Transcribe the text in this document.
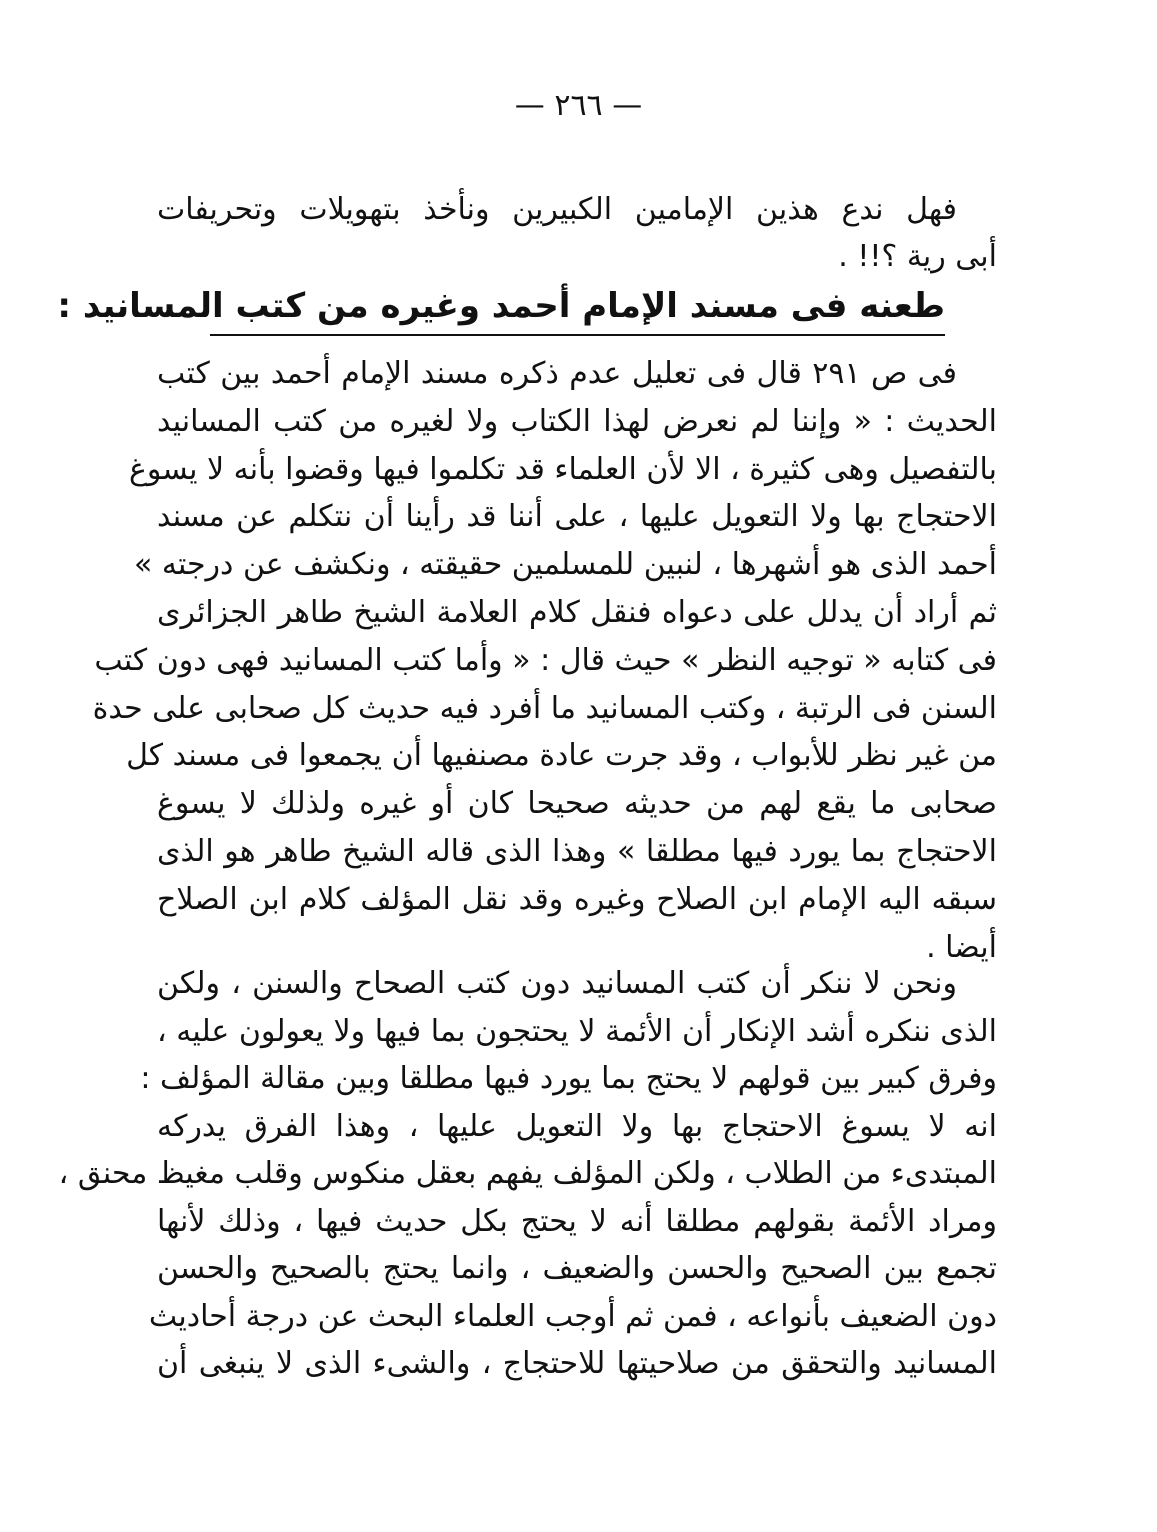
— ٢٦٦ —
فهل ندع هذين الإمامين الكبيرين ونأخذ بتهويلات وتحريفات
أبى رية ؟!! .
طعنه فى مسند الإمام أحمد وغيره من كتب المسانيد :
فى ص ٢٩١ قال فى تعليل عدم ذكره مسند الإمام أحمد بين كتب
الحديث : « وإننا لم نعرض لهذا الكتاب ولا لغيره من كتب المسانيد
بالتفصيل وهى كثيرة ، الا لأن العلماء قد تكلموا فيها وقضوا بأنه لا يسوغ
الاحتجاج بها ولا التعويل عليها ، على أننا قد رأينا أن نتكلم عن مسند
أحمد الذى هو أشهرها ، لنبين للمسلمين حقيقته ، ونكشف عن درجته »
ثم أراد أن يدلل على دعواه فنقل كلام العلامة الشيخ طاهر الجزائرى
فى كتابه « توجيه النظر » حيث قال : « وأما كتب المسانيد فهى دون كتب
السنن فى الرتبة ، وكتب المسانيد ما أفرد فيه حديث كل صحابى على حدة
من غير نظر للأبواب ، وقد جرت عادة مصنفيها أن يجمعوا فى مسند كل
صحابى ما يقع لهم من حديثه صحيحا كان أو غيره ولذلك لا يسوغ
الاحتجاج بما يورد فيها مطلقا » وهذا الذى قاله الشيخ طاهر هو الذى
سبقه اليه الإمام ابن الصلاح وغيره وقد نقل المؤلف كلام ابن الصلاح
أيضا .
ونحن لا ننكر أن كتب المسانيد دون كتب الصحاح والسنن ، ولكن
الذى ننكره أشد الإنكار أن الأئمة لا يحتجون بما فيها ولا يعولون عليه ،
وفرق كبير بين قولهم لا يحتج بما يورد فيها مطلقا وبين مقالة المؤلف :
انه لا يسوغ الاحتجاج بها ولا التعويل عليها ، وهذا الفرق يدركه
المبتدىء من الطلاب ، ولكن المؤلف يفهم بعقل منكوس وقلب مغيظ محنق ،
ومراد الأئمة بقولهم مطلقا أنه لا يحتج بكل حديث فيها ، وذلك لأنها
تجمع بين الصحيح والحسن والضعيف ، وانما يحتج بالصحيح والحسن
دون الضعيف بأنواعه ، فمن ثم أوجب العلماء البحث عن درجة أحاديث
المسانيد والتحقق من صلاحيتها للاحتجاج ، والشىء الذى لا ينبغى أن
